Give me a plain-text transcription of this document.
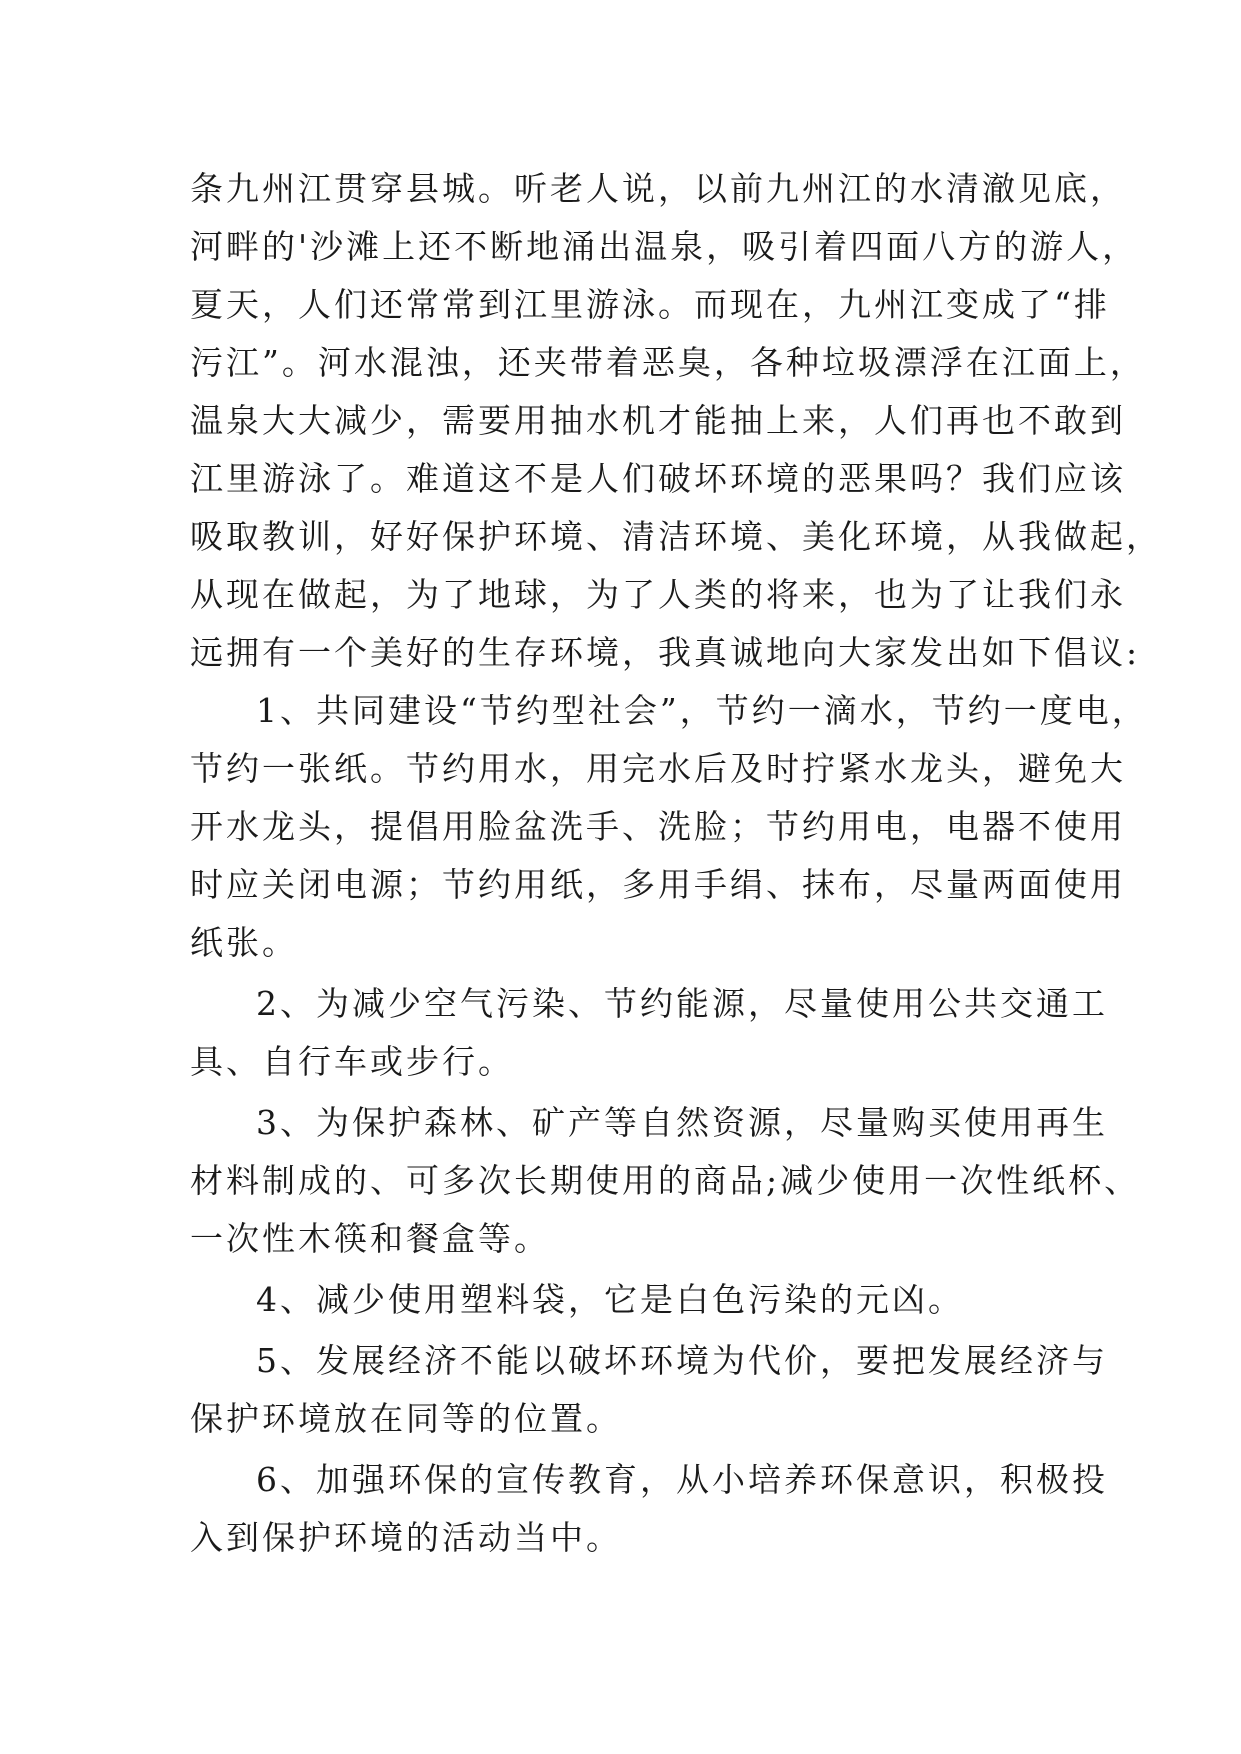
条九州江贯穿县城。听老人说，以前九州江的水清澈见底，
河畔的'沙滩上还不断地涌出温泉，吸引着四面八方的游人，
夏天，人们还常常到江里游泳。而现在，九州江变成了“排
污江”。河水混浊，还夹带着恶臭，各种垃圾漂浮在江面上，
温泉大大减少，需要用抽水机才能抽上来，人们再也不敢到
江里游泳了。难道这不是人们破坏环境的恶果吗？我们应该
吸取教训，好好保护环境、清洁环境、美化环境，从我做起，
从现在做起，为了地球，为了人类的将来，也为了让我们永
远拥有一个美好的生存环境，我真诚地向大家发出如下倡议:
1、共同建设“节约型社会”，节约一滴水，节约一度电，
节约一张纸。节约用水，用完水后及时拧紧水龙头，避免大
开水龙头，提倡用脸盆洗手、洗脸；节约用电，电器不使用
时应关闭电源；节约用纸，多用手绢、抹布，尽量两面使用
纸张。
2、为减少空气污染、节约能源，尽量使用公共交通工
具、自行车或步行。
3、为保护森林、矿产等自然资源，尽量购买使用再生
材料制成的、可多次长期使用的商品;减少使用一次性纸杯、
一次性木筷和餐盒等。
4、减少使用塑料袋，它是白色污染的元凶。
5、发展经济不能以破坏环境为代价，要把发展经济与
保护环境放在同等的位置。
6、加强环保的宣传教育，从小培养环保意识，积极投
入到保护环境的活动当中。
